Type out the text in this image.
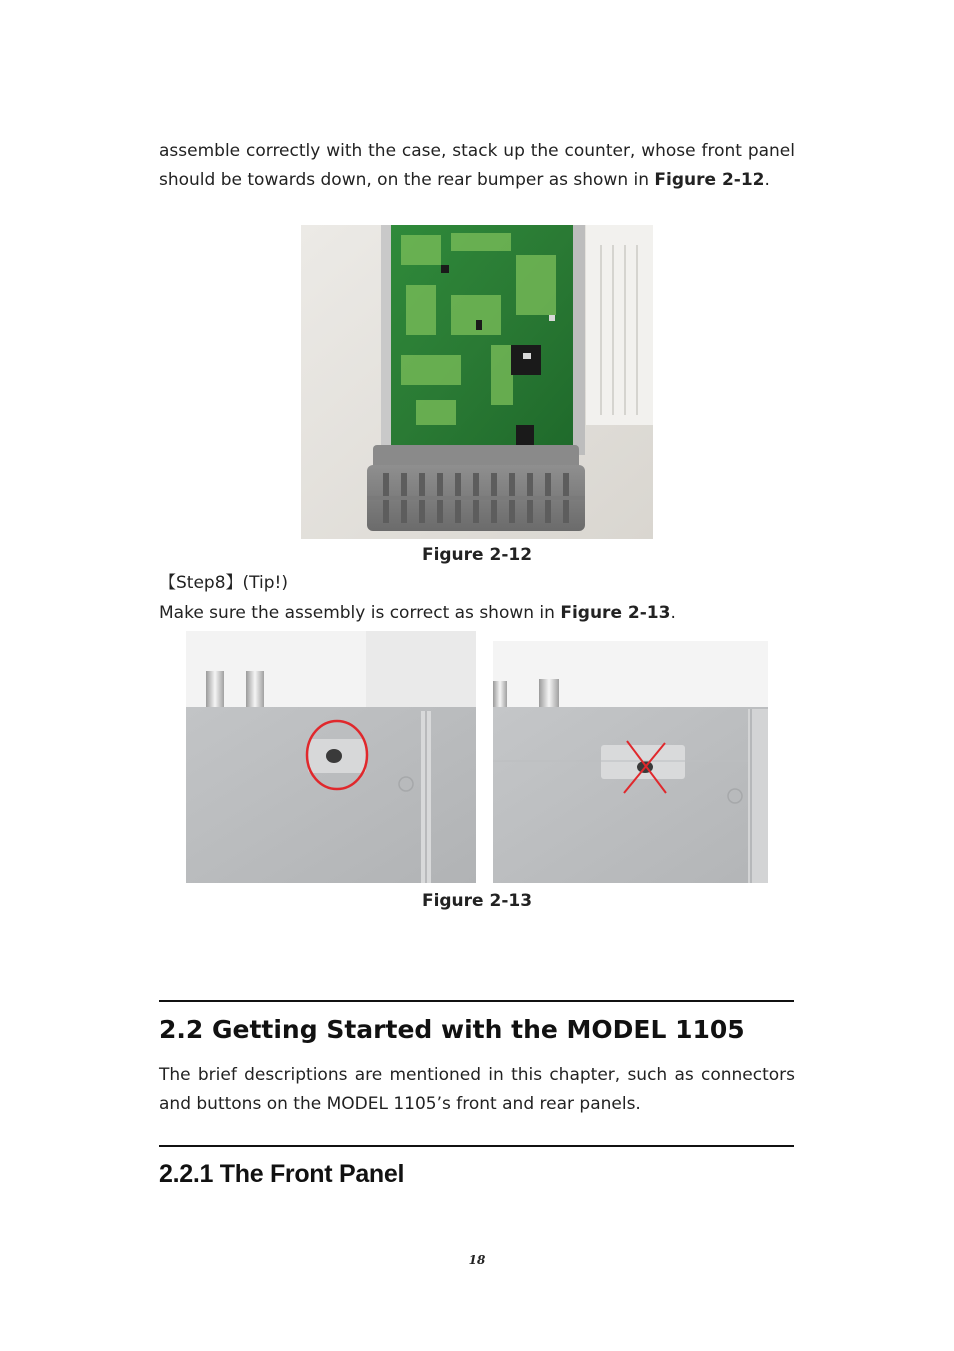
assemble correctly with the case, stack up the counter, whose front panel should be towards down, on the rear bumper as shown in Figure 2-12.
Figure 2-12
【Step8】(Tip!)
Make sure the assembly is correct as shown in Figure 2-13.
Figure 2-13
2.2 Getting Started with the MODEL 1105
The brief descriptions are mentioned in this chapter, such as connectors and buttons on the MODEL 1105’s front and rear panels.
2.2.1 The Front Panel
18
